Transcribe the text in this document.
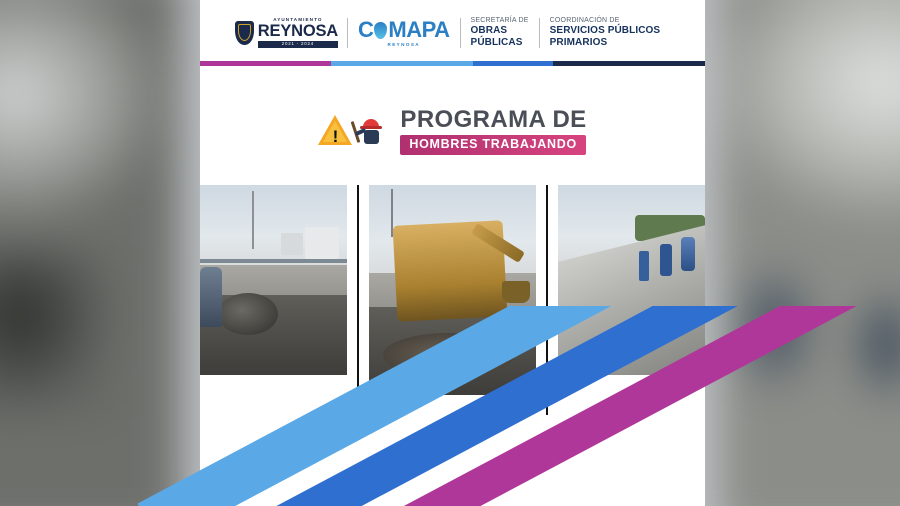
AYUNTAMIENTO
REYNOSA
2021 - 2024
C MAPA
REYNOSA
SECRETARÍA DE
OBRAS
PÚBLICAS
COORDINACIÓN DE
SERVICIOS PÚBLICOS
PRIMARIOS
!
PROGRAMA DE
HOMBRES TRABAJANDO
